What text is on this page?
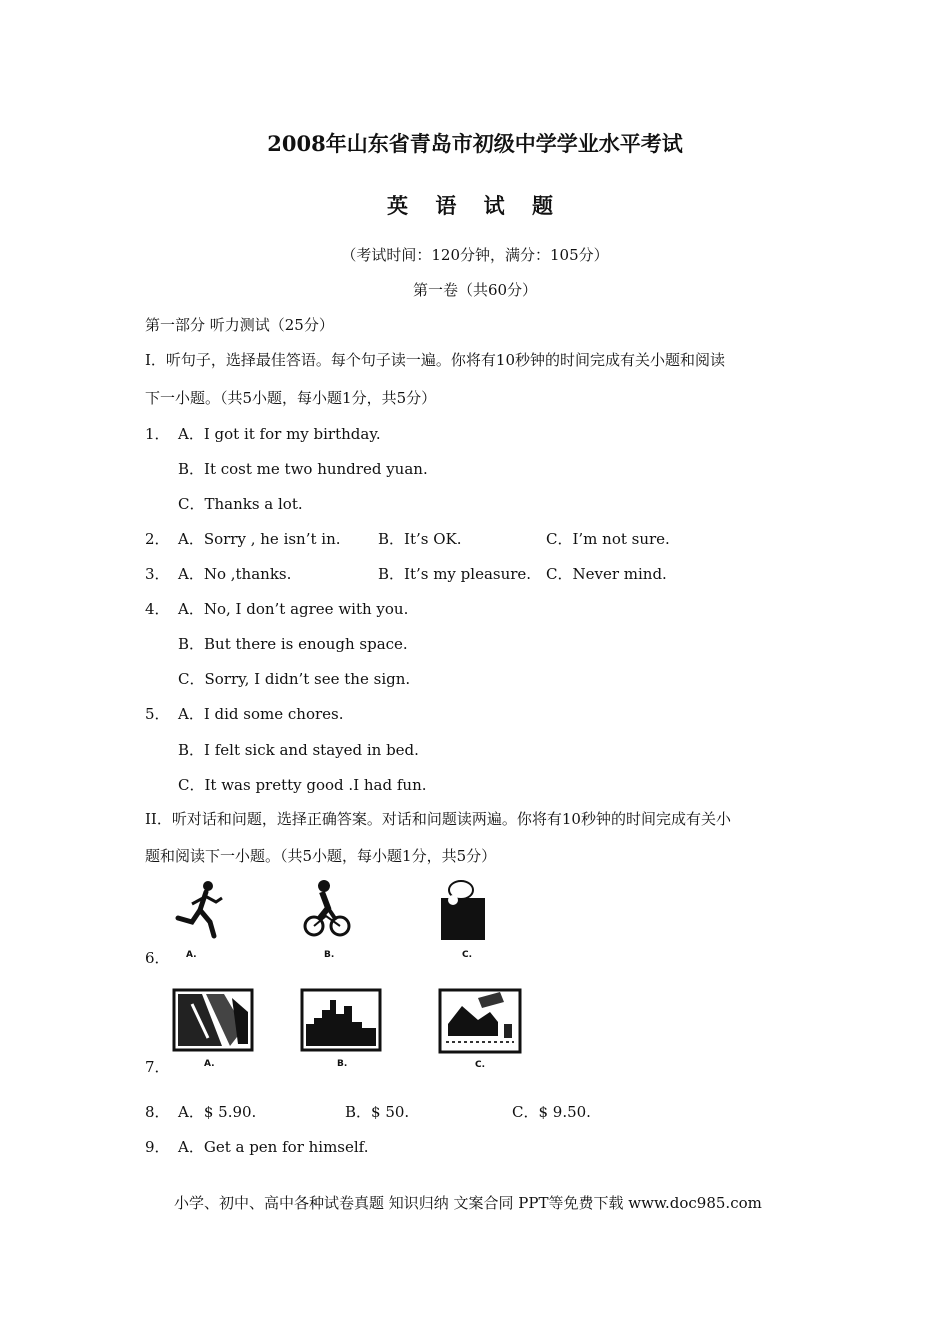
2008年山东省青岛市初级中学学业水平考试
英 语 试 题
（考试时间：120分钟，满分：105分）
第一卷（共60分）
第一部分 听力测试（25分）
I．听句子，选择最佳答语。每个句子读一遍。你将有10秒钟的时间完成有关小题和阅读
下一小题。（共5小题，每小题1分，共5分）
1． A．I got it for my birthday.
B．It cost me two hundred yuan.
C．Thanks a lot.
2． A．Sorry , he isn’t in. B．It’s OK.	C．I’m not sure.
3． A．No ,thanks.	B．It’s my pleasure. C．Never mind.
4． A．No, I don’t agree with you.
B．But there is enough space.
C．Sorry, I didn’t see the sign.
5． A．I did some chores.
B．I felt sick and stayed in bed.
C．It was pretty good .I had fun.
II．听对话和问题，选择正确答案。对话和问题读两遍。你将有10秒钟的时间完成有关小
题和阅读下一小题。（共5小题，每小题1分，共5分）
6． A.	B.	C.
7．	A.	B.	C.
8． A．$ 5.90.	B．$ 50.	C．$ 9.50.
9． A．Get a pen for himself.
小学、初中、高中各种试卷真题 知识归纳 文案合同 PPT等免费下载 www.doc985.com
